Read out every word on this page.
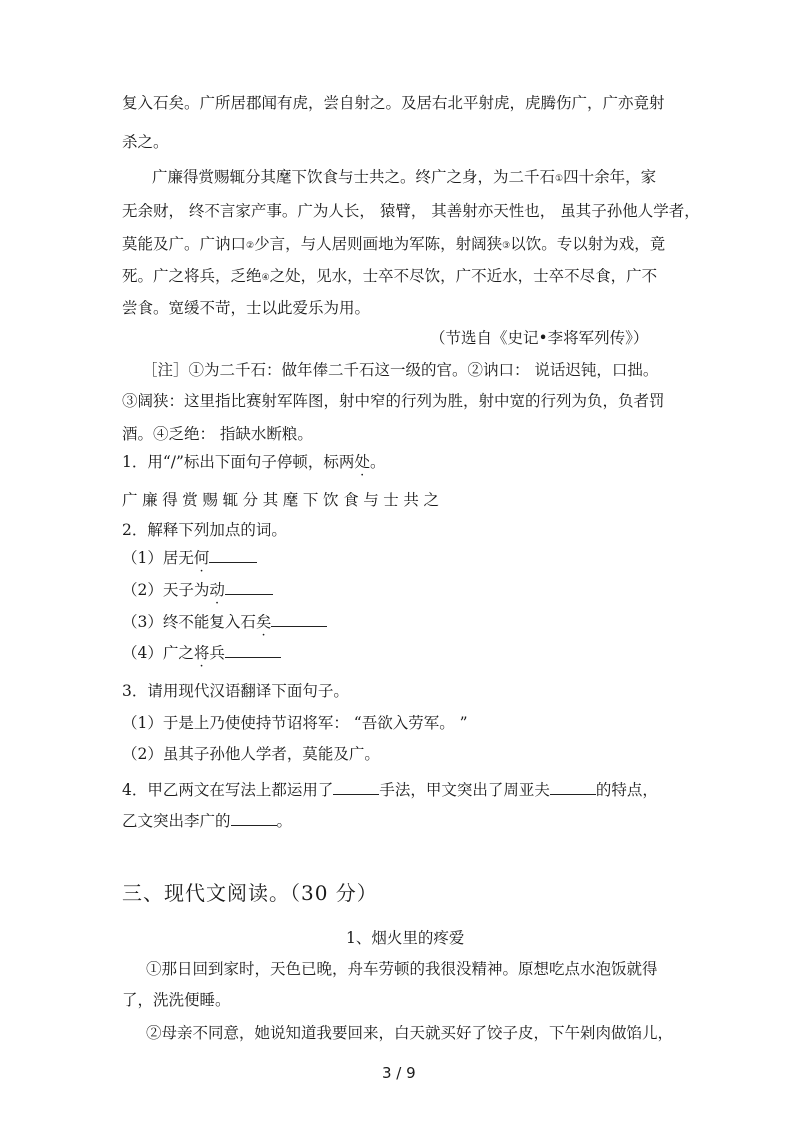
复入石矣。广所居郡闻有虎，尝自射之。及居右北平射虎，虎腾伤广，广亦竟射
杀之。
广廉得赏赐辄分其麾下饮食与士共之。终广之身，为二千石①四十余年，家
无余财， 终不言家产事。广为人长， 猿臂， 其善射亦天性也， 虽其子孙他人学者，
莫能及广。广讷口②少言，与人居则画地为军陈，射阔狭③以饮。专以射为戏，竟
死。广之将兵，乏绝④之处，见水，士卒不尽饮，广不近水，士卒不尽食，广不
尝食。宽缓不苛，士以此爱乐为用。
（节选自《史记•李将军列传》）
［注］①为二千石：做年俸二千石这一级的官。②讷口： 说话迟钝，口拙。
③阔狭：这里指比赛射军阵图，射中窄的行列为胜，射中宽的行列为负，负者罚
酒。④乏绝： 指缺水断粮。
1．用“/”标出下面句子停顿，标两处。
广廉得赏赐辄分其麾下饮食与士共之
2．解释下列加点的词。
（1）居无何
（2）天子为动
（3）终不能复入石矣
（4）广之将兵
3．请用现代汉语翻译下面句子。
（1）于是上乃使使持节诏将军： “吾欲入劳军。 ”
（2）虽其子孙他人学者，莫能及广。
4．甲乙两文在写法上都运用了	手法，甲文突出了周亚夫	的特点，
乙文突出李广的	。
三、现代文阅读。（30 分）
1、烟火里的疼爱
①那日回到家时，天色已晚，舟车劳顿的我很没精神。原想吃点水泡饭就得
了，洗洗便睡。
②母亲不同意，她说知道我要回来，白天就买好了饺子皮，下午剁肉做馅儿，
3 / 9
